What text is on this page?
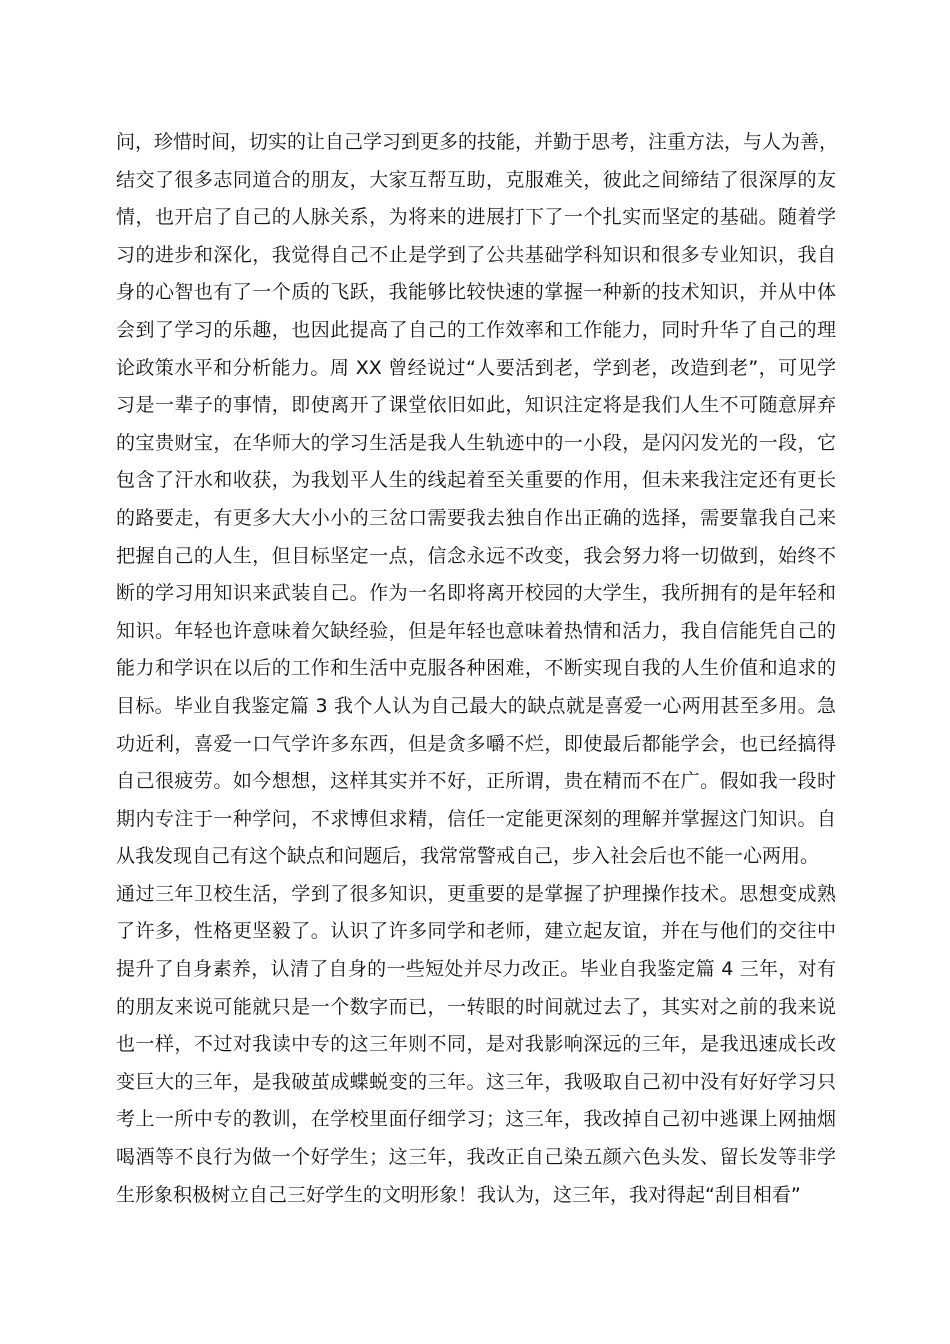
问，珍惜时间，切实的让自己学习到更多的技能，并勤于思考，注重方法，与人为善，
结交了很多志同道合的朋友，大家互帮互助，克服难关，彼此之间缔结了很深厚的友
情，也开启了自己的人脉关系，为将来的进展打下了一个扎实而坚定的基础。随着学
习的进步和深化，我觉得自己不止是学到了公共基础学科知识和很多专业知识，我自
身的心智也有了一个质的飞跃，我能够比较快速的掌握一种新的技术知识，并从中体
会到了学习的乐趣，也因此提高了自己的工作效率和工作能力，同时升华了自己的理
论政策水平和分析能力。周 XX 曾经说过“人要活到老，学到老，改造到老”，可见学
习是一辈子的事情，即使离开了课堂依旧如此，知识注定将是我们人生不可随意屏弃
的宝贵财宝，在华师大的学习生活是我人生轨迹中的一小段，是闪闪发光的一段，它
包含了汗水和收获，为我划平人生的线起着至关重要的作用，但未来我注定还有更长
的路要走，有更多大大小小的三岔口需要我去独自作出正确的选择，需要靠我自己来
把握自己的人生，但目标坚定一点，信念永远不改变，我会努力将一切做到，始终不
断的学习用知识来武装自己。作为一名即将离开校园的大学生，我所拥有的是年轻和
知识。年轻也许意味着欠缺经验，但是年轻也意味着热情和活力，我自信能凭自己的
能力和学识在以后的工作和生活中克服各种困难，不断实现自我的人生价值和追求的
目标。毕业自我鉴定篇 3 我个人认为自己最大的缺点就是喜爱一心两用甚至多用。急
功近利，喜爱一口气学许多东西，但是贪多嚼不烂，即使最后都能学会，也已经搞得
自己很疲劳。如今想想，这样其实并不好，正所谓，贵在精而不在广。假如我一段时
期内专注于一种学问，不求博但求精，信任一定能更深刻的理解并掌握这门知识。自
从我发现自己有这个缺点和问题后，我常常警戒自己，步入社会后也不能一心两用。
通过三年卫校生活，学到了很多知识，更重要的是掌握了护理操作技术。思想变成熟
了许多，性格更坚毅了。认识了许多同学和老师，建立起友谊，并在与他们的交往中
提升了自身素养，认清了自身的一些短处并尽力改正。毕业自我鉴定篇 4 三年，对有
的朋友来说可能就只是一个数字而已，一转眼的时间就过去了，其实对之前的我来说
也一样，不过对我读中专的这三年则不同，是对我影响深远的三年，是我迅速成长改
变巨大的三年，是我破茧成蝶蜕变的三年。这三年，我吸取自己初中没有好好学习只
考上一所中专的教训，在学校里面仔细学习；这三年，我改掉自己初中逃课上网抽烟
喝酒等不良行为做一个好学生；这三年，我改正自己染五颜六色头发、留长发等非学
生形象积极树立自己三好学生的文明形象！我认为，这三年，我对得起“刮目相看”
